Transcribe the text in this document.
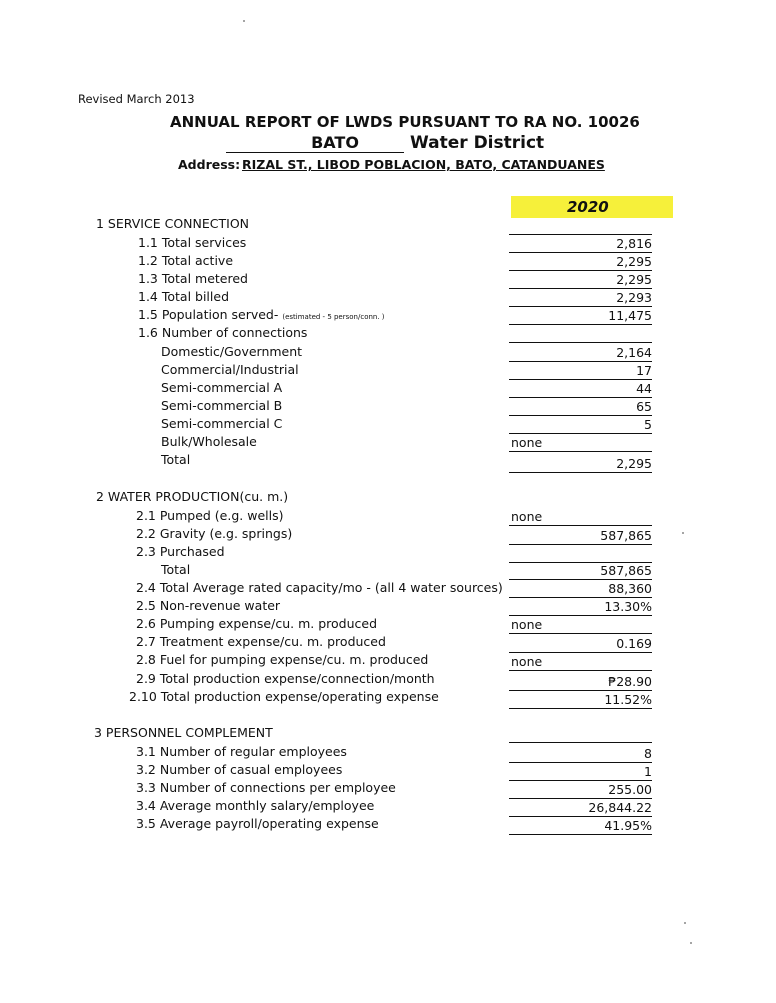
Revised March 2013
ANNUAL REPORT OF LWDS PURSUANT TO RA NO. 10026
BATO	Water District
Address: RIZAL ST., LIBOD POBLACION, BATO, CATANDUANES
2020
1 SERVICE CONNECTION
1.1 Total services
1.2 Total active
1.3 Total metered
1.4 Total billed
1.5 Population served- (estimated - 5 person/conn. )
1.6 Number of connections
Domestic/Government
Commercial/Industrial
Semi-commercial A
Semi-commercial B
Semi-commercial C
Bulk/Wholesale
Total
2,816
2,295
2,295
2,293
11,475
2,164
17
44
65
5
none
2,295
2 WATER PRODUCTION(cu. m.)
2.1 Pumped (e.g. wells)
2.2 Gravity (e.g. springs)
2.3 Purchased
Total
2.4 Total Average rated capacity/mo - (all 4 water sources)
2.5 Non-revenue water
2.6 Pumping expense/cu. m. produced
2.7 Treatment expense/cu. m. produced
2.8 Fuel for pumping expense/cu. m. produced
2.9 Total production expense/connection/month
2.10 Total production expense/operating expense
none
587,865
587,865
88,360
13.30%
none
0.169
none
₱28.90
11.52%
3 PERSONNEL COMPLEMENT
3.1 Number of regular employees
3.2 Number of casual employees
3.3 Number of connections per employee
3.4 Average monthly salary/employee
3.5 Average payroll/operating expense
8
1
255.00
26,844.22
41.95%
